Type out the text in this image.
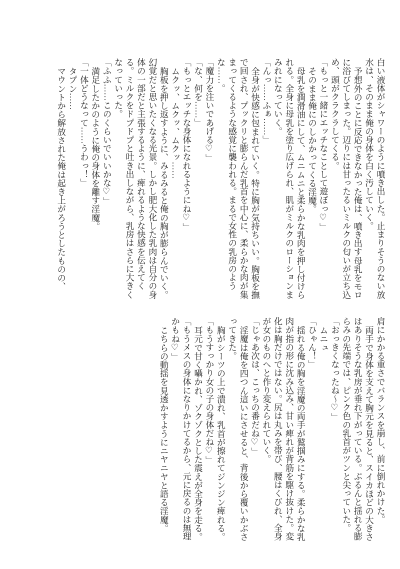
白い液体がシャワーのように噴き出した。止まりそうのない放水は、そのまま俺の身体を白く汚していく。

予想外のことに反応できなかった俺は、噴き出す母乳をモロに浴びてしまった。辺りには甘ったるいミルクの匂いが立ち込め、頭がクラクラしてくる。

「もっと一緒にエッチなことして遊ぼっ♡」

そのまま俺にのしかかってくる淫魔。

母乳を潤滑油にして、ムニムニと柔らかな乳肉を押し付けられる。全身に母乳を塗り広げられ、肌がミルクのローションまみれになっていく。

「んっ……ふぁ……」

全身が快感に包まれていく。特に胸が気持ちいい。胸板を撫で回され、プックリと膨らんだ乳首を中心に、柔らかな肉が集まってくるような感覚に襲われる。まるで女性の乳房のような……。

「魔力を注いであげる♡」

「な、何を……」

「もっとエッチな身体になれるようにね♡」

ムクッ、ムクッ、ムクッ……

胸板を押し返すように、みるみると俺の胸が膨らんでいく。幻覚だと思いたくなる光景。しかし肥大化した乳肉は自分の身体の一部だと主張するように、痺れるような快感を伝えてくる。ミルクをドプドプと吐き出しながら、乳房はさらに大きくなっていった。

「ふふ……このくらいでいいかな♡」

満足したかのように俺の身体を離す淫魔。

「一体どうなって……うわっ！」

タプン……

マウントから解放された俺は起き上がろうとしたものの、

肩にかかる重さでバランスを崩し、前に倒れかけた。

両手で身体を支えて胸元を見ると、スイカほどの大きさはありそうな乳房が垂れ下がっている。ぷるんと揺れる膨らみの先端では、ピンク色の乳首がツンと尖っていた。

「おっきくなったね～♡」

ムニュ

「ひゃん！」

揺れる俺の胸を淫魔の両手が鷲掴みにする。柔らかな乳肉が指の形に沈み込み、甘い痺れが背筋を駆け抜けた。変化は胸だけではない。尻は丸みを帯び、腰はくびれ、全身が女のものへと作り変えられていく。

「じゃあ次は、こっちの番だね♡」

淫魔は俺を四つん這いにさせると、背後から覆いかぶさってきた。

胸がシーツの上で潰れ、乳首が擦れてジンジン痺れる。

「もうすっかり女の子の身体だね♡」

耳元で甘く囁かれ、ゾクゾクとした震えが全身を走る。

「もうメスの身体になりかけてるから、元に戻るのは無理かもね♡」

こちらの動揺を見透かすようにニヤニヤと語る淫魔。
